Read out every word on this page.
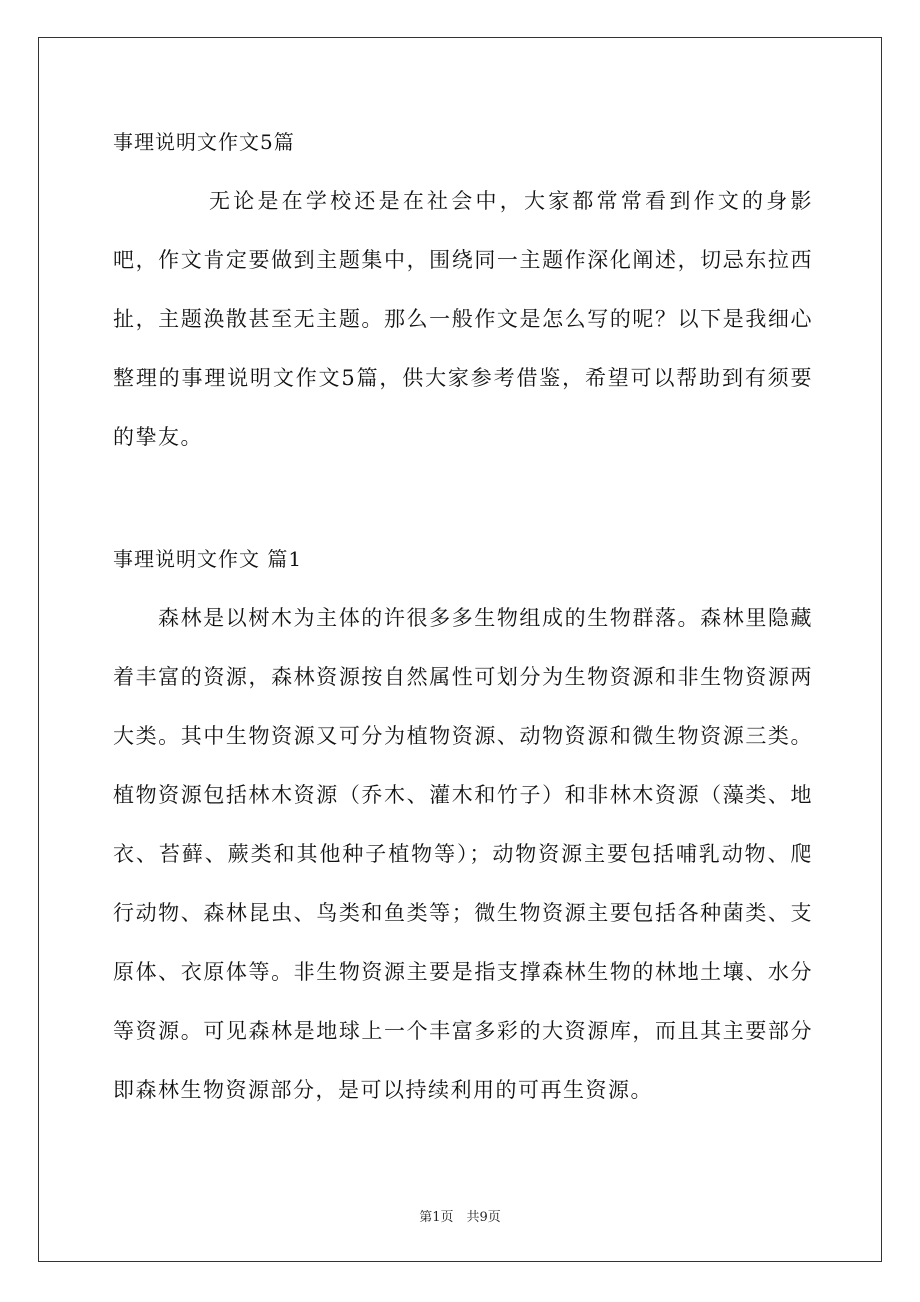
事理说明文作文5篇

无论是在学校还是在社会中，大家都常常看到作文的身影吧，作文肯定要做到主题集中，围绕同一主题作深化阐述，切忌东拉西扯，主题涣散甚至无主题。那么一般作文是怎么写的呢？以下是我细心整理的事理说明文作文5篇，供大家参考借鉴，希望可以帮助到有须要的挚友。

事理说明文作文 篇1

森林是以树木为主体的许很多多生物组成的生物群落。森林里隐藏着丰富的资源，森林资源按自然属性可划分为生物资源和非生物资源两大类。其中生物资源又可分为植物资源、动物资源和微生物资源三类。植物资源包括林木资源（乔木、灌木和竹子）和非林木资源（藻类、地衣、苔藓、蕨类和其他种子植物等）；动物资源主要包括哺乳动物、爬行动物、森林昆虫、鸟类和鱼类等；微生物资源主要包括各种菌类、支原体、衣原体等。非生物资源主要是指支撑森林生物的林地土壤、水分等资源。可见森林是地球上一个丰富多彩的大资源库，而且其主要部分即森林生物资源部分，是可以持续利用的可再生资源。

第1页　共9页
